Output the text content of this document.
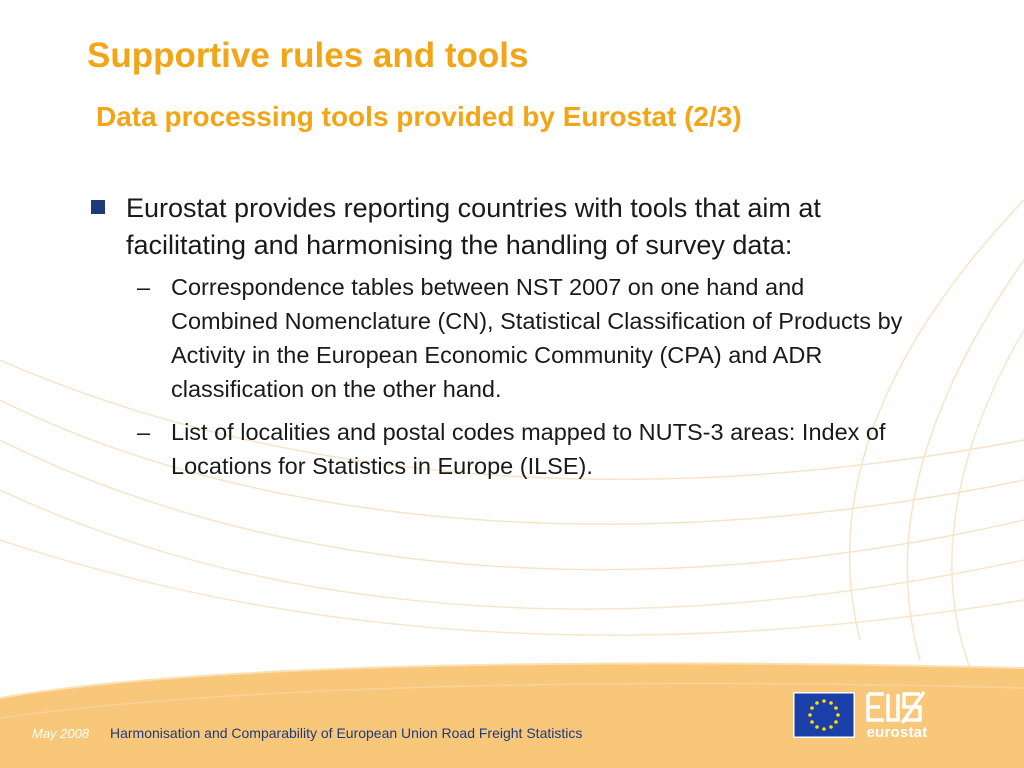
Supportive rules and tools
Data processing tools provided by Eurostat (2/3)
Eurostat provides reporting countries with tools that aim at facilitating and harmonising the handling of survey data:
– Correspondence tables between NST 2007 on one hand and Combined Nomenclature (CN), Statistical Classification of Products by Activity in the European Economic Community (CPA) and ADR classification on the other hand.
– List of localities and postal codes mapped to NUTS-3 areas: Index of Locations for Statistics in Europe (ILSE).
May 2008 Harmonisation and Comparability of European Union Road Freight Statistics	eurostat
